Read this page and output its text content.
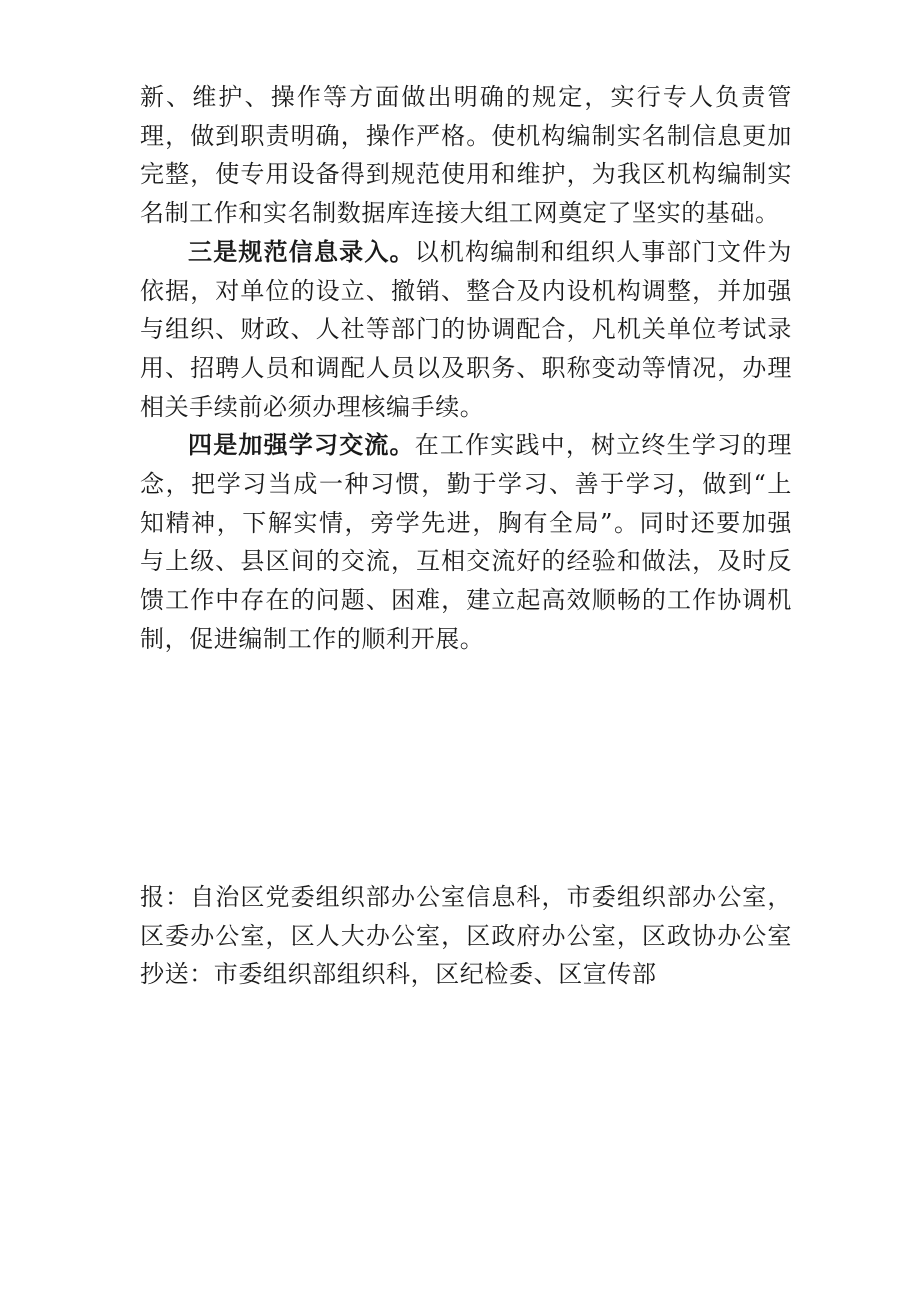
新、维护、操作等方面做出明确的规定，实行专人负责管理，做到职责明确，操作严格。使机构编制实名制信息更加完整，使专用设备得到规范使用和维护，为我区机构编制实名制工作和实名制数据库连接大组工网奠定了坚实的基础。

三是规范信息录入。以机构编制和组织人事部门文件为依据，对单位的设立、撤销、整合及内设机构调整，并加强与组织、财政、人社等部门的协调配合，凡机关单位考试录用、招聘人员和调配人员以及职务、职称变动等情况，办理相关手续前必须办理核编手续。

四是加强学习交流。在工作实践中，树立终生学习的理念，把学习当成一种习惯，勤于学习、善于学习，做到“上知精神，下解实情，旁学先进，胸有全局”。同时还要加强与上级、县区间的交流，互相交流好的经验和做法，及时反馈工作中存在的问题、困难，建立起高效顺畅的工作协调机制，促进编制工作的顺利开展。

报：自治区党委组织部办公室信息科，市委组织部办公室，区委办公室，区人大办公室，区政府办公室，区政协办公室抄送：市委组织部组织科，区纪检委、区宣传部
